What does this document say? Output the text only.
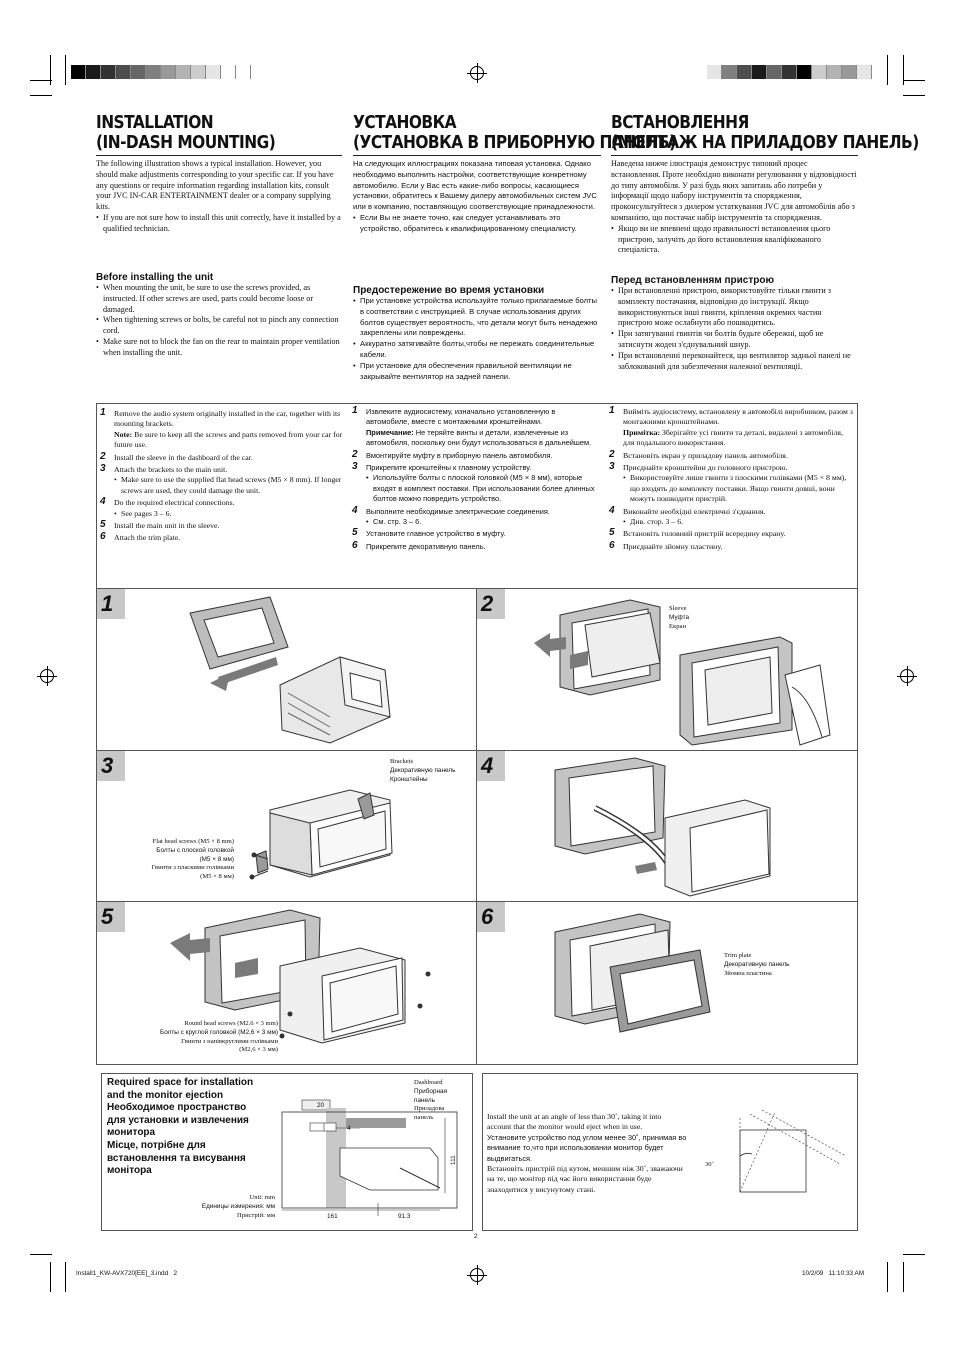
INSTALLATION
(IN-DASH MOUNTING)
The following illustration shows a typical installation. However, you should make adjustments corresponding to your specific car. If you have any questions or require information regarding installation kits, consult your JVC IN-CAR ENTERTAINMENT dealer or a company supplying kits.
• If you are not sure how to install this unit correctly, have it installed by a qualified technician.
Before installing the unit
• When mounting the unit, be sure to use the screws provided, as instructed. If other screws are used, parts could become loose or damaged.
• When tightening screws or bolts, be careful not to pinch any connection cord.
• Make sure not to block the fan on the rear to maintain proper ventilation when installing the unit.
УСТАНОВКА
(УСТАНОВКА В ПРИБОРНУЮ ПАНЕЛЬ)
На следующих иллюстрациях показана типовая установка. Однако необходимо выполнить настройки, соответствующие конкретному автомобилю. Если у Вас есть какие-либо вопросы, касающиеся установки, обратитесь к Вашему дилеру автомобильных систем JVC или в компанию, поставляющую соответствующие принадлежности.
• Если Вы не знаете точно, как следует устанавливать это устройство, обратитесь к квалифицированному специалисту.
Предостережение во время установки
• При установке устройства используйте только прилагаемые болты в соответствии с инструкцией. В случае использования других болтов существует вероятность, что детали могут быть ненадежно закреплены или повреждены.
• Аккуратно затягивайте болты,чтобы не пережать соединительные кабели.
• При установке для обеспечения правильной вентиляции не закрывайте вентилятор на задней панели.
ВСТАНОВЛЕННЯ
(МОНТАЖ НА ПРИЛАДОВУ ПАНЕЛЬ)
Наведена нижче ілюстрація демонструє типовий процес встановлення. Проте необхідно виконати регулювання у відповідності до типу автомобіля. У разі будь яких запитань або потреби у інформації щодо набору інструментів та спорядження, проконсультуйтеся з дилером устаткування JVC для автомобілів або з компанією, що постачає набір інструментів та спорядження.
• Якщо ви не впевнені щодо правильності встановлення цього пристрою, залучіть до його встановлення кваліфікованого спеціаліста.
Перед встановленням пристрою
• При встановленні пристрою, використовуйте тільки гвинти з комплекту постачання, відповідно до інструкції. Якщо використовуються інші гвинти, кріплення окремих частин пристрою може ослабнути або пошкодитись.
• При затягуванні гвинтів чи болтів будьте обережні, щоб не затиснути жоден з'єднувальний шнур.
• При встановленні переконайтеся, що вентилятор задньої панелі не заблокований для забезпечення належної вентиляції.
1 Remove the audio system originally installed in the car, together with its mounting brackets.
Note: Be sure to keep all the screws and parts removed from your car for future use.
2 Install the sleeve in the dashboard of the car.
3 Attach the brackets to the main unit.
• Make sure to use the supplied flat head screws (M5 × 8 mm). If longer screws are used, they could damage the unit.
4 Do the required electrical connections.
• See pages 3 – 6.
5 Install the main unit in the sleeve.
6 Attach the trim plate.
1 Извлеките аудиосистему, изначально установленную в автомобиле, вместе с монтажными кронштейнами.
Примечание: Не теряйте винты и детали, извлеченные из автомобиля, поскольку они будут использоваться в дальнейшем.
2 Вмонтируйте муфту в приборную панель автомобиля.
3 Прикрепите кронштейны к главному устройству.
• Используйте болты с плоской головкой (M5 × 8 мм), которые входят в комплект поставки. При использовании более длинных болтов можно повредить устройство.
4 Выполните необходимые электрические соединения.
• См. стр. 3 – 6.
5 Установите главное устройство в муфту.
6 Прикрепите декоративную панель.
1 Вийміть аудіосистему, встановлену в автомобілі виробником, разом з монтажними кронштейнами.
Примітка: Зберігайте усі гвинти та деталі, видалені з автомобіля, для подальшого використання.
2 Встановіть екран у приладову панель автомобіля.
3 Приєднайте кронштейни до головного пристрою.
• Використовуйте лише гвинти з плоскими голівками (M5 × 8 мм), що входять до комплекту поставки. Якщо гвинти довші, вони можуть пошкодити пристрій.
4 Виконайте необхідні електричні з'єднання.
• Див. стор. 3 – 6.
5 Встановіть головний пристрій всередину екрану.
6 Приєднайте зйомну пластину.
1	2
3	4
5	6
Sleeve
Муфта
Екран
Brackets
Декоративную панель
Кронштейны
Flat head screws (M5 × 8 mm)
Болты с плоской головкой
(M5 × 8 мм)
Гвинти з пласкими голівками
(M5 × 8 мм)
Round head screws (M2.6 × 3 mm)
Болты с круглой головкой (M2,6 × 3 мм)
Гвинти з напівкруглими голівками
(M2,6 × 3 мм)
Trim plate
Декоративную панель
Зйомна пластина
Required space for installation
and the monitor ejection
Необходимое пространство
для установки и извлечения
монитора
Місце, потрібне для
встановлення та висування
монітора
20
4
111
161	91.3
Dashboard
Приборная
панель
Приладова
панель
Unit: mm
Единицы измерения: мм
Пристрій: мм
Install the unit at an angle of less than 30˚, taking it into account that the monitor would eject when in use.
Установите устройство под углом менее 30˚, принимая во внимание то,что при использовании монитор будет выдвигаться.
Встановіть пристрій під кутом, меншим ніж 30˚, зважаючи на те, що монітор під час його використання буде знаходитися у висунутому стані.
30˚
2
Install1_KW-AVX720[EE]_3.indd   2	10/2/09   11:10:33 AM
